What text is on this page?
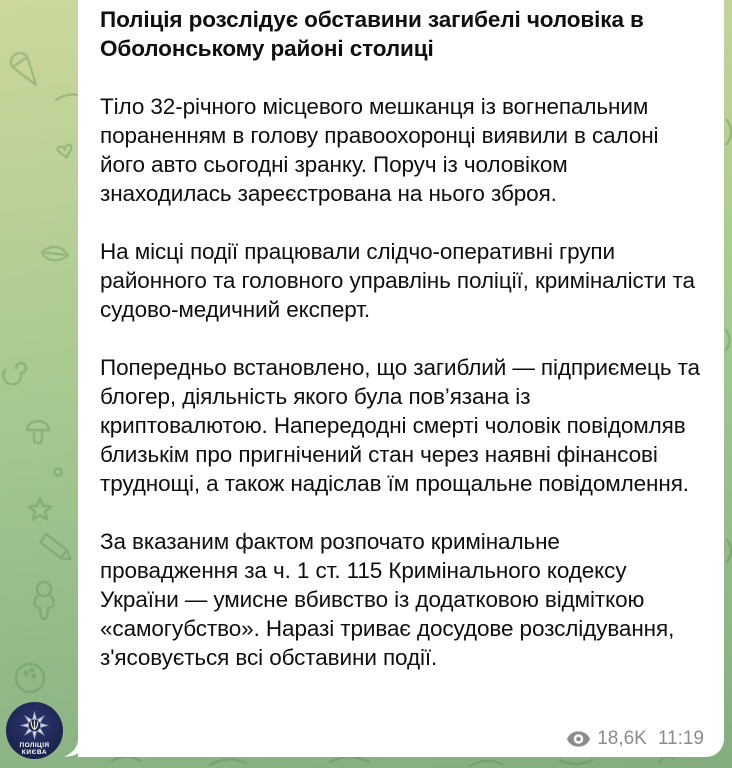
Поліція розслідує обставини загибелі чоловіка в Оболонському районі столиці

Тіло 32-річного місцевого мешканця із вогнепальним пораненням в голову правоохоронці виявили в салоні його авто сьогодні зранку. Поруч із чоловіком знаходилась зареєстрована на нього зброя.

На місці події працювали слідчо-оперативні групи районного та головного управлінь поліції, криміналісти та судово-медичний експерт.

Попередньо встановлено, що загиблий — підприємець та блогер, діяльність якого була пов’язана із криптовалютою. Напередодні смерті чоловік повідомляв близькім про пригнічений стан через наявні фінансові труднощі, а також надіслав їм прощальне повідомлення.

За вказаним фактом розпочато кримінальне провадження за ч. 1 ст. 115 Кримінального кодексу України — умисне вбивство із додатковою відміткою «самогубство». Наразі триває досудове розслідування, з'ясовується всі обставини події.

18,6K 11:19
ПОЛІЦІЯ
КИЄВА
